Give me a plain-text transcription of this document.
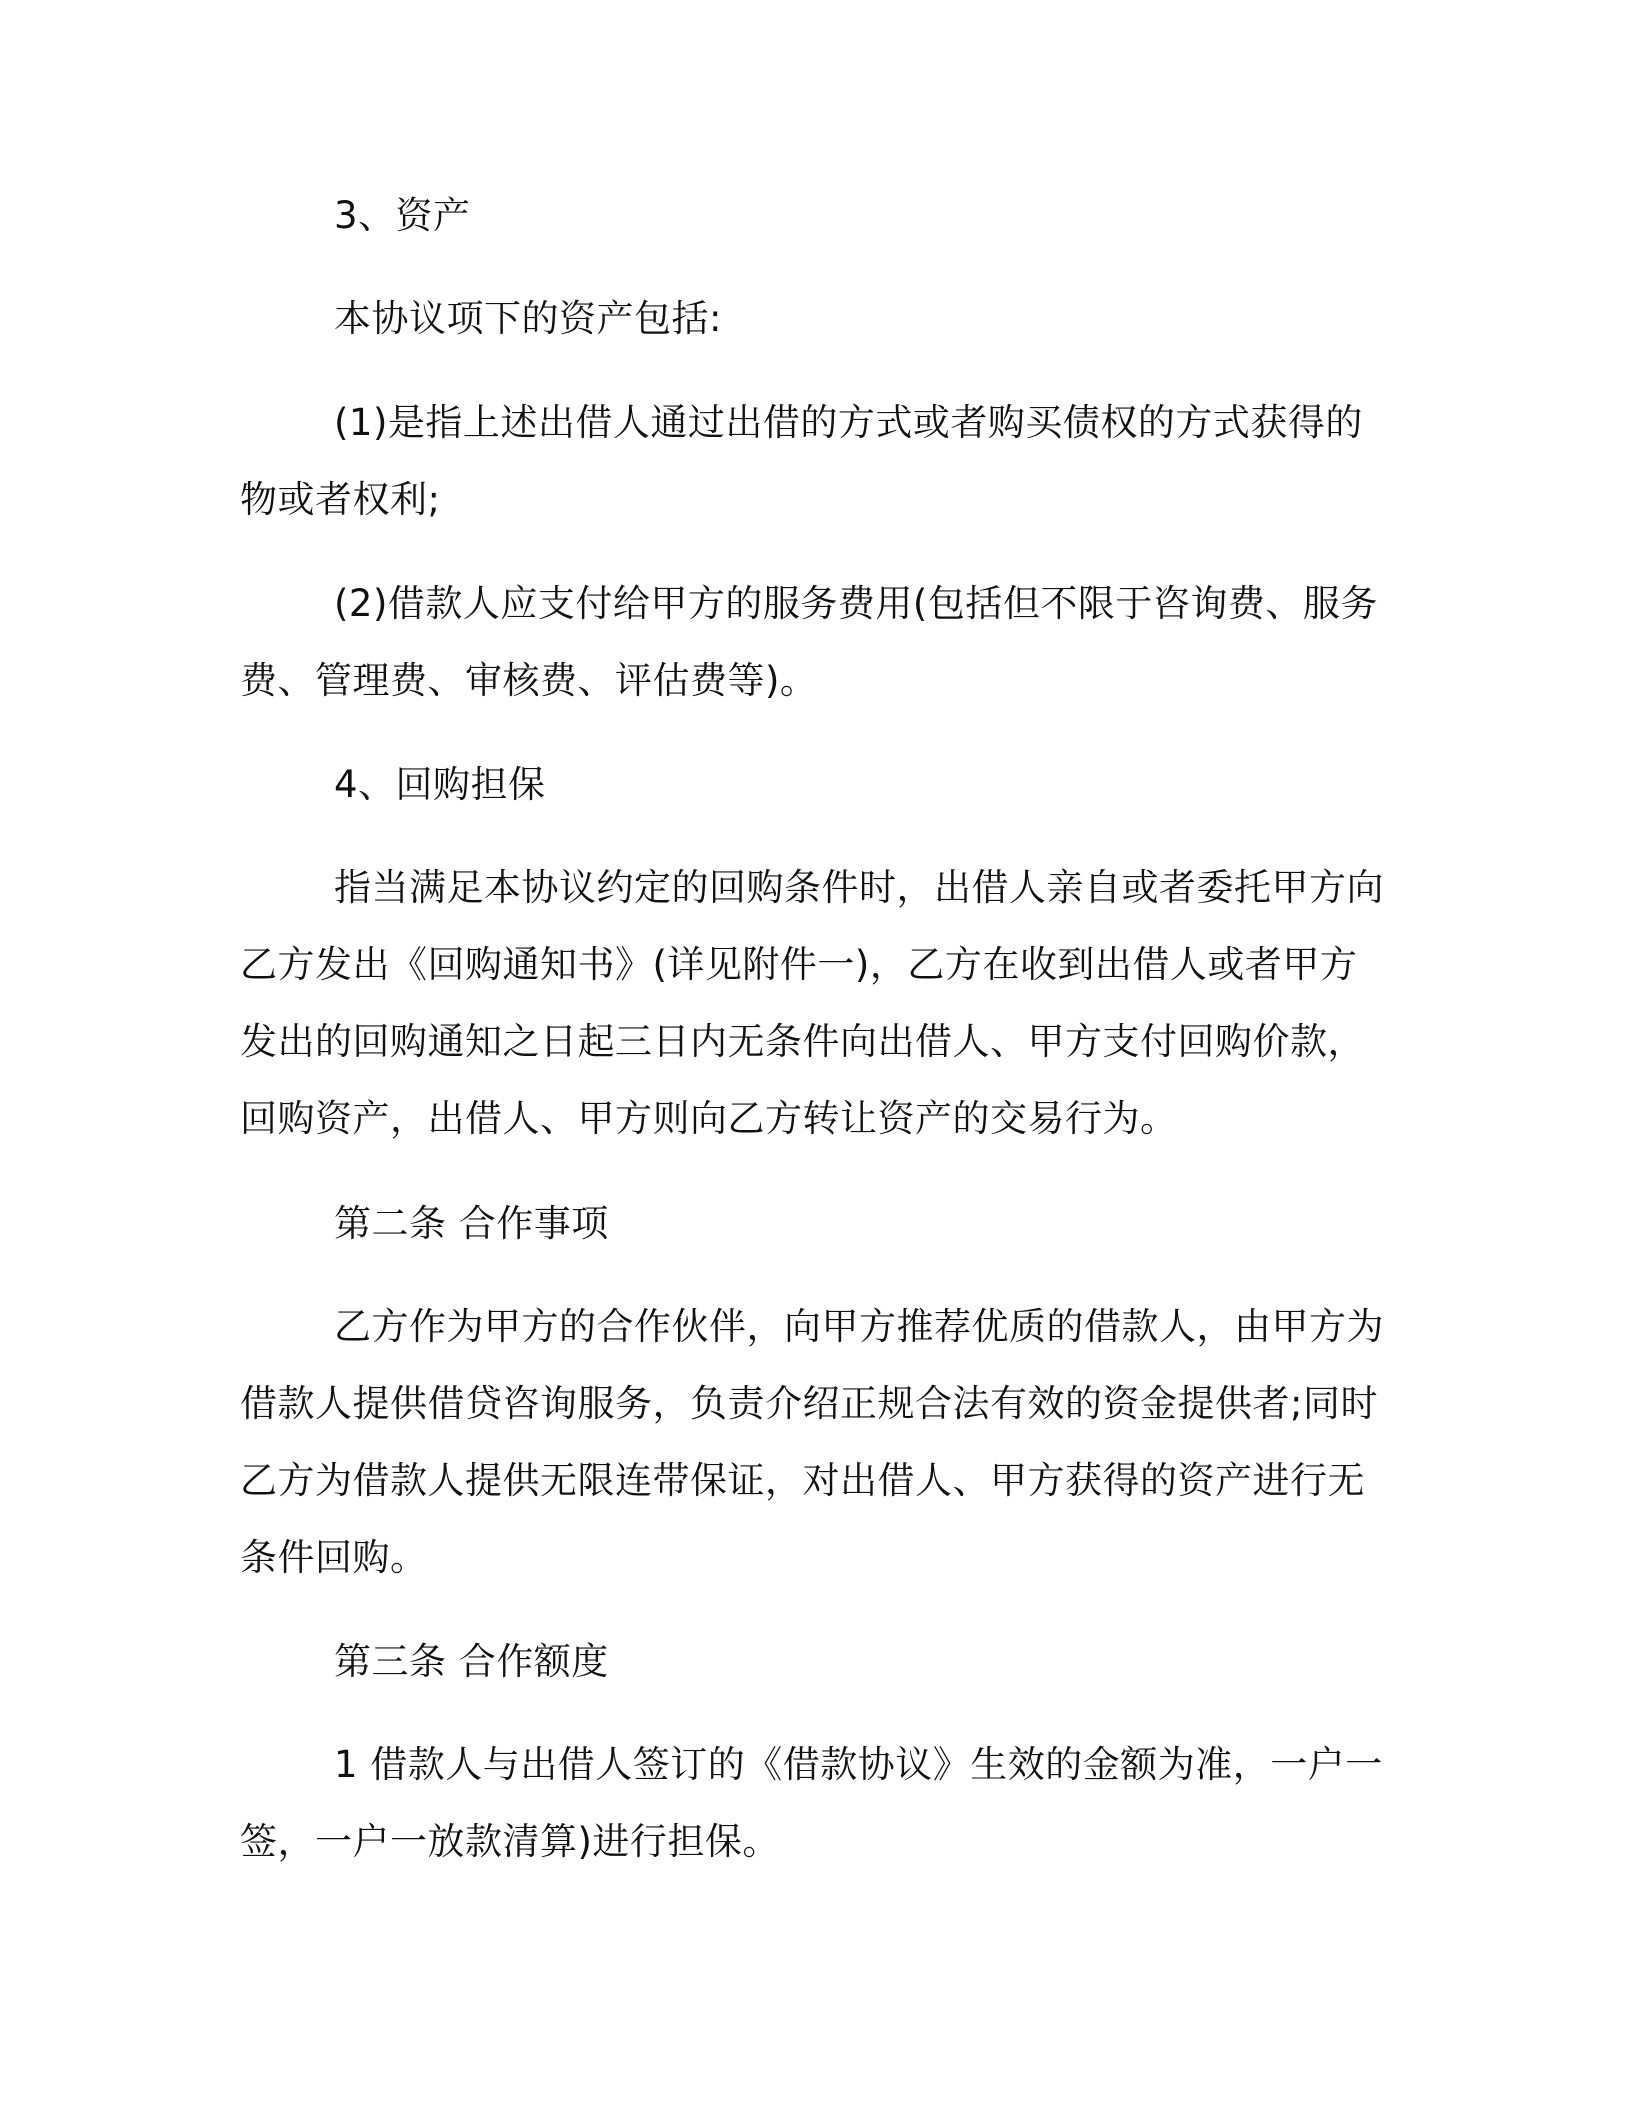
3、资产

本协议项下的资产包括:

(1)是指上述出借人通过出借的方式或者购买债权的方式获得的物或者权利;

(2)借款人应支付给甲方的服务费用(包括但不限于咨询费、服务费、管理费、审核费、评估费等)。

4、回购担保

指当满足本协议约定的回购条件时，出借人亲自或者委托甲方向乙方发出《回购通知书》(详见附件一)，乙方在收到出借人或者甲方发出的回购通知之日起三日内无条件向出借人、甲方支付回购价款，回购资产，出借人、甲方则向乙方转让资产的交易行为。

第二条 合作事项

乙方作为甲方的合作伙伴，向甲方推荐优质的借款人，由甲方为借款人提供借贷咨询服务，负责介绍正规合法有效的资金提供者;同时乙方为借款人提供无限连带保证，对出借人、甲方获得的资产进行无条件回购。

第三条 合作额度

1 借款人与出借人签订的《借款协议》生效的金额为准，一户一签，一户一放款清算)进行担保。
